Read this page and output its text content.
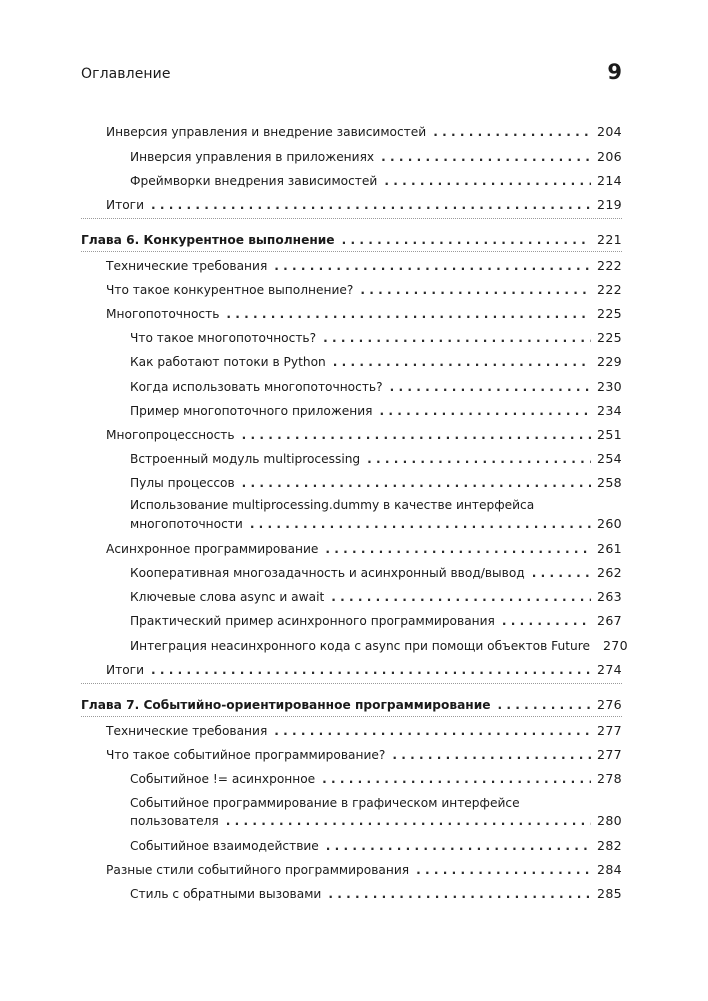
Оглавление	9
Инверсия управления и внедрение зависимостей . . .	204
Инверсия управления в приложениях . . .	206
Фреймворки внедрения зависимостей . . .	214
Итоги . . .	219
Глава 6. Конкурентное выполнение . . .	221
Технические требования . . .	222
Что такое конкурентное выполнение? . . .	222
Многопоточность . . .	225
Что такое многопоточность? . . .	225
Как работают потоки в Python . . .	229
Когда использовать многопоточность? . . .	230
Пример многопоточного приложения . . .	234
Многопроцессность . . .	251
Встроенный модуль multiprocessing . . .	254
Пулы процессов . . .	258
Использование multiprocessing.dummy в качестве интерфейса
многопоточности . . .	260
Асинхронное программирование . . .	261
Кооперативная многозадачность и асинхронный ввод/вывод . . .	262
Ключевые слова async и await . . .	263
Практический пример асинхронного программирования . . .	267
Интеграция неасинхронного кода с async при помощи объектов Future 270
Итоги . . .	274
Глава 7. Событийно-ориентированное программирование . . .	276
Технические требования . . .	277
Что такое событийное программирование? . . .	277
Событийное != асинхронное . . .	278
Событийное программирование в графическом интерфейсе
пользователя . . .	280
Событийное взаимодействие . . .	282
Разные стили событийного программирования . . .	284
Стиль с обратными вызовами . . .	285
